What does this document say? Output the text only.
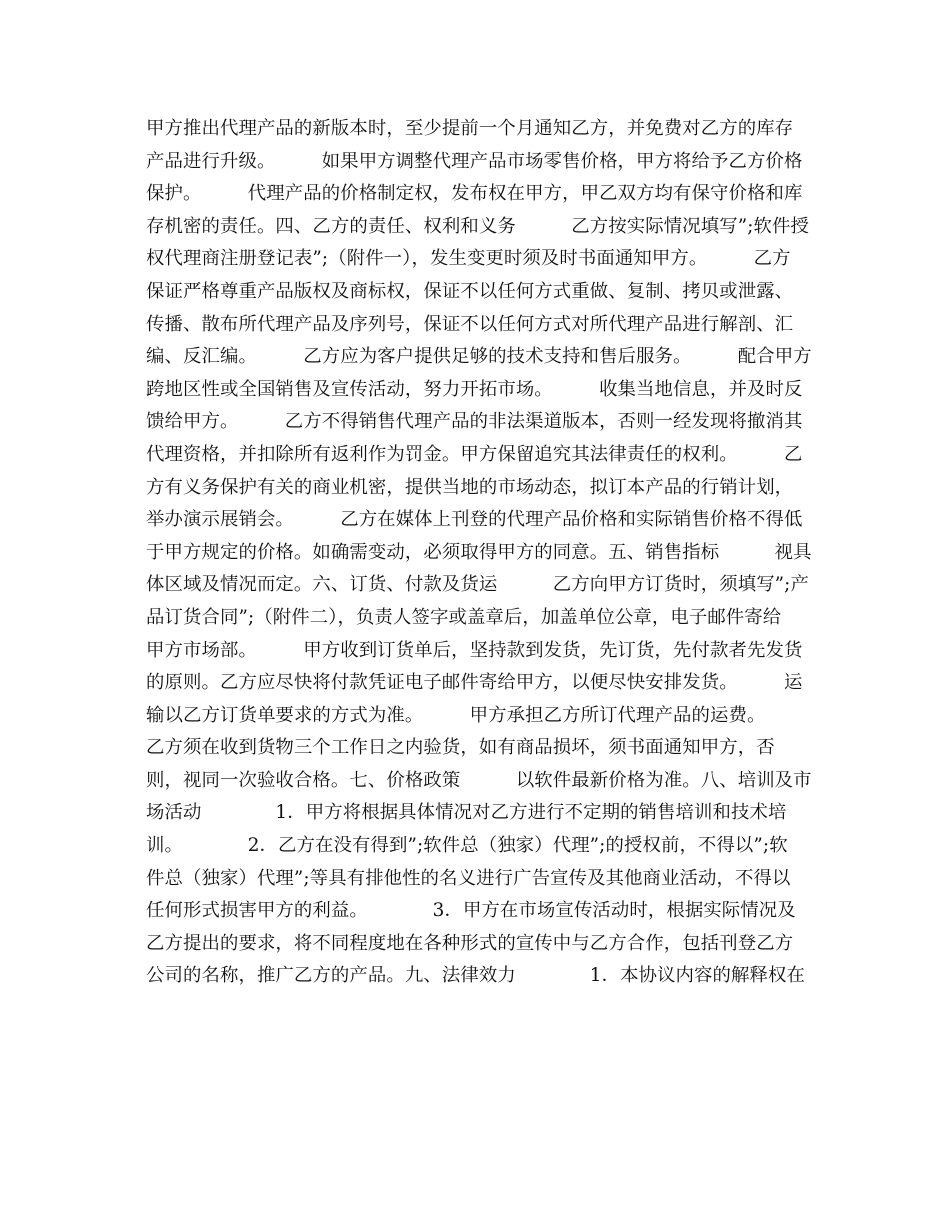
甲方推出代理产品的新版本时，至少提前一个月通知乙方，并免费对乙方的库存
产品进行升级。　　　如果甲方调整代理产品市场零售价格，甲方将给予乙方价格
保护。　　　代理产品的价格制定权，发布权在甲方，甲乙双方均有保守价格和库
存机密的责任。四、乙方的责任、权利和义务　　　乙方按实际情况填写”;软件授
权代理商注册登记表”;（附件一），发生变更时须及时书面通知甲方。　　　乙方
保证严格尊重产品版权及商标权，保证不以任何方式重做、复制、拷贝或泄露、
传播、散布所代理产品及序列号，保证不以任何方式对所代理产品进行解剖、汇
编、反汇编。　　　乙方应为客户提供足够的技术支持和售后服务。　　　配合甲方
跨地区性或全国销售及宣传活动，努力开拓市场。　　　收集当地信息，并及时反
馈给甲方。　　　乙方不得销售代理产品的非法渠道版本，否则一经发现将撤消其
代理资格，并扣除所有返利作为罚金。甲方保留追究其法律责任的权利。　　　乙
方有义务保护有关的商业机密，提供当地的市场动态，拟订本产品的行销计划，
举办演示展销会。　　　乙方在媒体上刊登的代理产品价格和实际销售价格不得低
于甲方规定的价格。如确需变动，必须取得甲方的同意。五、销售指标　　　视具
体区域及情况而定。六、订货、付款及货运　　　乙方向甲方订货时，须填写”;产
品订货合同”;（附件二），负责人签字或盖章后，加盖单位公章，电子邮件寄给
甲方市场部。　　　甲方收到订货单后，坚持款到发货，先订货，先付款者先发货
的原则。乙方应尽快将付款凭证电子邮件寄给甲方，以便尽快安排发货。　　　运
输以乙方订货单要求的方式为准。　　　甲方承担乙方所订代理产品的运费。
乙方须在收到货物三个工作日之内验货，如有商品损坏，须书面通知甲方，否
则，视同一次验收合格。七、价格政策　　　以软件最新价格为准。八、培训及市
场活动　　　　1．甲方将根据具体情况对乙方进行不定期的销售培训和技术培
训。　　　　2．乙方在没有得到”;软件总（独家）代理”;的授权前，不得以”;软
件总（独家）代理”;等具有排他性的名义进行广告宣传及其他商业活动，不得以
任何形式损害甲方的利益。　　　　3．甲方在市场宣传活动时，根据实际情况及
乙方提出的要求，将不同程度地在各种形式的宣传中与乙方合作，包括刊登乙方
公司的名称，推广乙方的产品。九、法律效力　　　　1．本协议内容的解释权在
